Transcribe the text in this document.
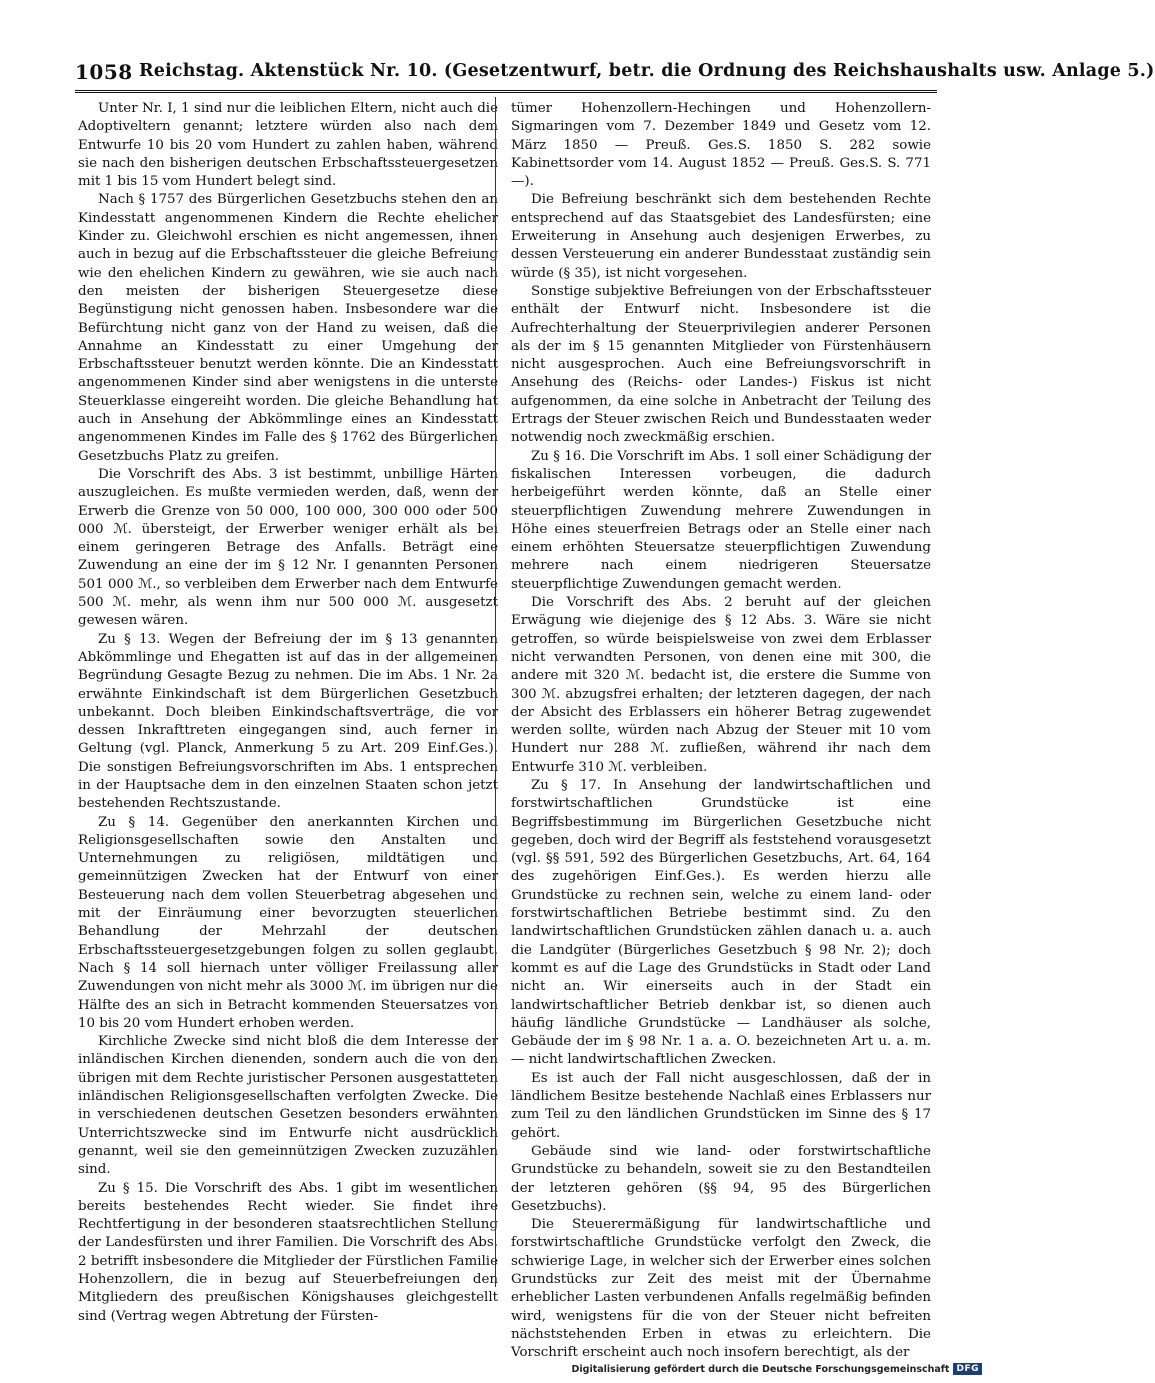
1058 Reichstag. Aktenstück Nr. 10. (Gesetzentwurf, betr. die Ordnung des Reichshaushalts usw. Anlage 5.)

Unter Nr. I, 1 sind nur die leiblichen Eltern, nicht auch die Adoptiveltern genannt; letztere würden also nach dem Entwurfe 10 bis 20 vom Hundert zu zahlen haben, während sie nach den bisherigen deutschen Erbschaftssteuergesetzen mit 1 bis 15 vom Hundert belegt sind.

Nach § 1757 des Bürgerlichen Gesetzbuchs stehen den an Kindesstatt angenommenen Kindern die Rechte ehelicher Kinder zu. Gleichwohl erschien es nicht angemessen, ihnen auch in bezug auf die Erbschaftssteuer die gleiche Befreiung wie den ehelichen Kindern zu gewähren, wie sie auch nach den meisten der bisherigen Steuergesetze diese Begünstigung nicht genossen haben. Insbesondere war die Befürchtung nicht ganz von der Hand zu weisen, daß die Annahme an Kindesstatt zu einer Umgehung der Erbschaftssteuer benutzt werden könnte. Die an Kindesstatt angenommenen Kinder sind aber wenigstens in die unterste Steuerklasse eingereiht worden. Die gleiche Behandlung hat auch in Ansehung der Abkömmlinge eines an Kindesstatt angenommenen Kindes im Falle des § 1762 des Bürgerlichen Gesetzbuchs Platz zu greifen.

Die Vorschrift des Abs. 3 ist bestimmt, unbillige Härten auszugleichen. Es mußte vermieden werden, daß, wenn der Erwerb die Grenze von 50 000, 100 000, 300 000 oder 500 000 ℳ. übersteigt, der Erwerber weniger erhält als bei einem geringeren Betrage des Anfalls. Beträgt eine Zuwendung an eine der im § 12 Nr. I genannten Personen 501 000 ℳ., so verbleiben dem Erwerber nach dem Entwurfe 500 ℳ. mehr, als wenn ihm nur 500 000 ℳ. ausgesetzt gewesen wären.

Zu § 13. Wegen der Befreiung der im § 13 genannten Abkömmlinge und Ehegatten ist auf das in der allgemeinen Begründung Gesagte Bezug zu nehmen. Die im Abs. 1 Nr. 2a erwähnte Einkindschaft ist dem Bürgerlichen Gesetzbuch unbekannt. Doch bleiben Einkindschaftsverträge, die vor dessen Inkrafttreten eingegangen sind, auch ferner in Geltung (vgl. Planck, Anmerkung 5 zu Art. 209 Einf.Ges.). Die sonstigen Befreiungsvorschriften im Abs. 1 entsprechen in der Hauptsache dem in den einzelnen Staaten schon jetzt bestehenden Rechtszustande.

Zu § 14. Gegenüber den anerkannten Kirchen und Religionsgesellschaften sowie den Anstalten und Unternehmungen zu religiösen, mildtätigen und gemeinnützigen Zwecken hat der Entwurf von einer Besteuerung nach dem vollen Steuerbetrag abgesehen und mit der Einräumung einer bevorzugten steuerlichen Behandlung der Mehrzahl der deutschen Erbschaftssteuergesetzgebungen folgen zu sollen geglaubt. Nach § 14 soll hiernach unter völliger Freilassung aller Zuwendungen von nicht mehr als 3000 ℳ. im übrigen nur die Hälfte des an sich in Betracht kommenden Steuersatzes von 10 bis 20 vom Hundert erhoben werden.

Kirchliche Zwecke sind nicht bloß die dem Interesse der inländischen Kirchen dienenden, sondern auch die von den übrigen mit dem Rechte juristischer Personen ausgestatteten inländischen Religionsgesellschaften verfolgten Zwecke. Die in verschiedenen deutschen Gesetzen besonders erwähnten Unterrichtszwecke sind im Entwurfe nicht ausdrücklich genannt, weil sie den gemeinnützigen Zwecken zuzuzählen sind.

Zu § 15. Die Vorschrift des Abs. 1 gibt im wesentlichen bereits bestehendes Recht wieder. Sie findet ihre Rechtfertigung in der besonderen staatsrechtlichen Stellung der Landesfürsten und ihrer Familien. Die Vorschrift des Abs. 2 betrifft insbesondere die Mitglieder der Fürstlichen Familie Hohenzollern, die in bezug auf Steuerbefreiungen den Mitgliedern des preußischen Königshauses gleichgestellt sind (Vertrag wegen Abtretung der Fürsten-

tümer Hohenzollern-Hechingen und Hohenzollern-Sigmaringen vom 7. Dezember 1849 und Gesetz vom 12. März 1850 — Preuß. Ges.S. 1850 S. 282 sowie Kabinettsorder vom 14. August 1852 — Preuß. Ges.S. S. 771 —).

Die Befreiung beschränkt sich dem bestehenden Rechte entsprechend auf das Staatsgebiet des Landesfürsten; eine Erweiterung in Ansehung auch desjenigen Erwerbes, zu dessen Versteuerung ein anderer Bundesstaat zuständig sein würde (§ 35), ist nicht vorgesehen.

Sonstige subjektive Befreiungen von der Erbschaftssteuer enthält der Entwurf nicht. Insbesondere ist die Aufrechterhaltung der Steuerprivilegien anderer Personen als der im § 15 genannten Mitglieder von Fürstenhäusern nicht ausgesprochen. Auch eine Befreiungsvorschrift in Ansehung des (Reichs- oder Landes-) Fiskus ist nicht aufgenommen, da eine solche in Anbetracht der Teilung des Ertrags der Steuer zwischen Reich und Bundesstaaten weder notwendig noch zweckmäßig erschien.

Zu § 16. Die Vorschrift im Abs. 1 soll einer Schädigung der fiskalischen Interessen vorbeugen, die dadurch herbeigeführt werden könnte, daß an Stelle einer steuerpflichtigen Zuwendung mehrere Zuwendungen in Höhe eines steuerfreien Betrags oder an Stelle einer nach einem erhöhten Steuersatze steuerpflichtigen Zuwendung mehrere nach einem niedrigeren Steuersatze steuerpflichtige Zuwendungen gemacht werden.

Die Vorschrift des Abs. 2 beruht auf der gleichen Erwägung wie diejenige des § 12 Abs. 3. Wäre sie nicht getroffen, so würde beispielsweise von zwei dem Erblasser nicht verwandten Personen, von denen eine mit 300, die andere mit 320 ℳ. bedacht ist, die erstere die Summe von 300 ℳ. abzugsfrei erhalten; der letzteren dagegen, der nach der Absicht des Erblassers ein höherer Betrag zugewendet werden sollte, würden nach Abzug der Steuer mit 10 vom Hundert nur 288 ℳ. zufließen, während ihr nach dem Entwurfe 310 ℳ. verbleiben.

Zu § 17. In Ansehung der landwirtschaftlichen und forstwirtschaftlichen Grundstücke ist eine Begriffsbestimmung im Bürgerlichen Gesetzbuche nicht gegeben, doch wird der Begriff als feststehend vorausgesetzt (vgl. §§ 591, 592 des Bürgerlichen Gesetzbuchs, Art. 64, 164 des zugehörigen Einf.Ges.). Es werden hierzu alle Grundstücke zu rechnen sein, welche zu einem land- oder forstwirtschaftlichen Betriebe bestimmt sind. Zu den landwirtschaftlichen Grundstücken zählen danach u. a. auch die Landgüter (Bürgerliches Gesetzbuch § 98 Nr. 2); doch kommt es auf die Lage des Grundstücks in Stadt oder Land nicht an. Wir einerseits auch in der Stadt ein landwirtschaftlicher Betrieb denkbar ist, so dienen auch häufig ländliche Grundstücke — Landhäuser als solche, Gebäude der im § 98 Nr. 1 a. a. O. bezeichneten Art u. a. m. — nicht landwirtschaftlichen Zwecken.

Es ist auch der Fall nicht ausgeschlossen, daß der in ländlichem Besitze bestehende Nachlaß eines Erblassers nur zum Teil zu den ländlichen Grundstücken im Sinne des § 17 gehört.

Gebäude sind wie land- oder forstwirtschaftliche Grundstücke zu behandeln, soweit sie zu den Bestandteilen der letzteren gehören (§§ 94, 95 des Bürgerlichen Gesetzbuchs).

Die Steuerermäßigung für landwirtschaftliche und forstwirtschaftliche Grundstücke verfolgt den Zweck, die schwierige Lage, in welcher sich der Erwerber eines solchen Grundstücks zur Zeit des meist mit der Übernahme erheblicher Lasten verbundenen Anfalls regelmäßig befinden wird, wenigstens für die von der Steuer nicht befreiten nächststehenden Erben in etwas zu erleichtern. Die Vorschrift erscheint auch noch insofern berechtigt, als der

Digitalisierung gefördert durch die Deutsche Forschungsgemeinschaft DFG
